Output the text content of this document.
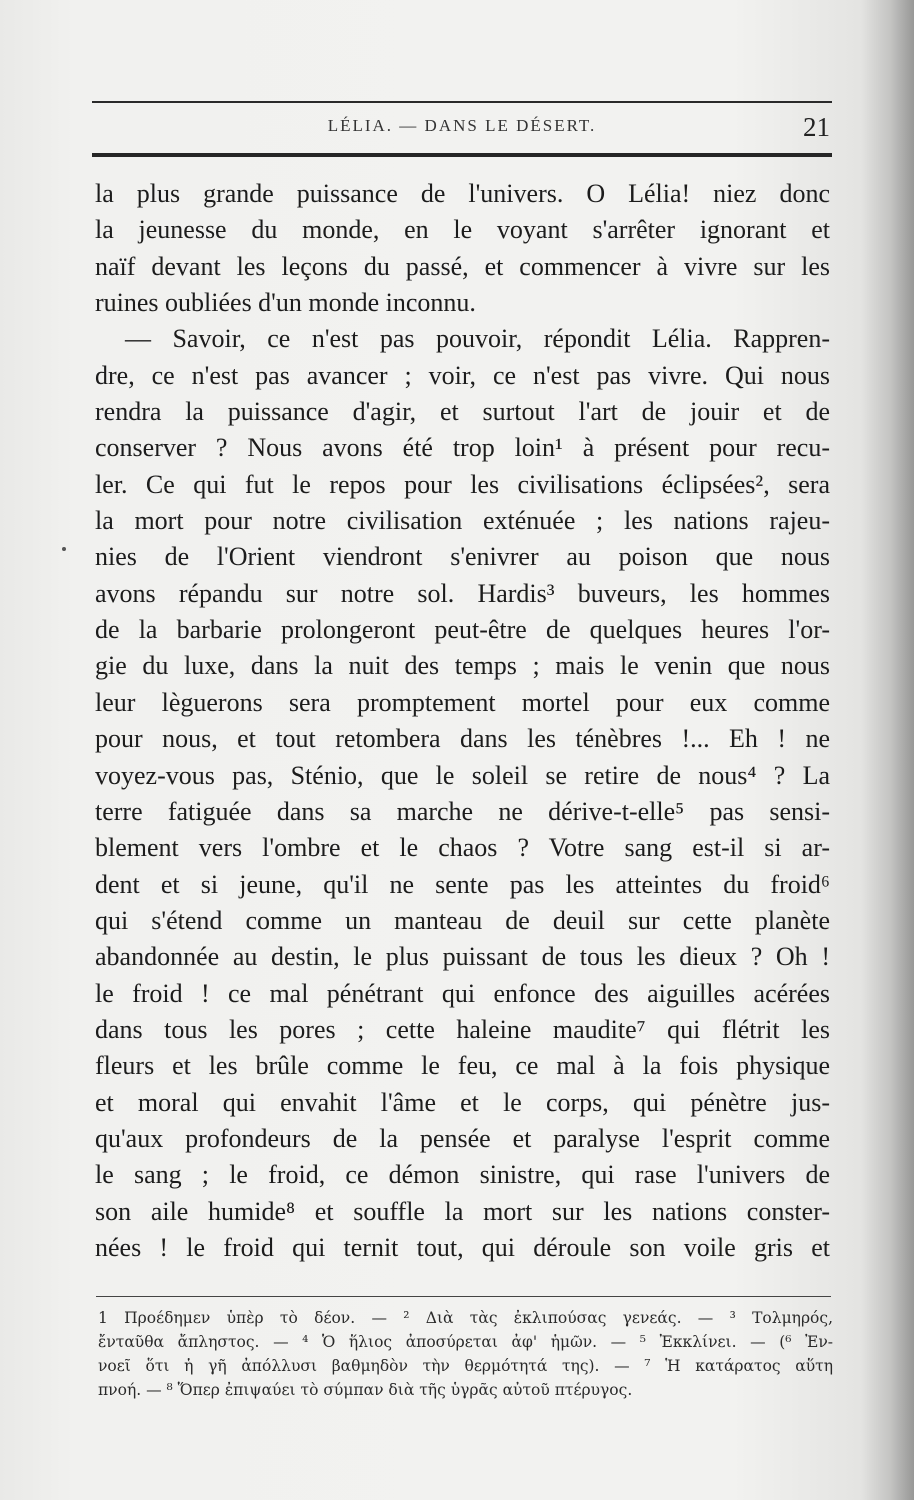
LÉLIA. — DANS LE DÉSERT.	21
la plus grande puissance de l'univers. O Lélia! niez donc
la jeunesse du monde, en le voyant s'arrêter ignorant et
naïf devant les leçons du passé, et commencer à vivre sur les
ruines oubliées d'un monde inconnu.
— Savoir, ce n'est pas pouvoir, répondit Lélia. Rappren-
dre, ce n'est pas avancer ; voir, ce n'est pas vivre. Qui nous
rendra la puissance d'agir, et surtout l'art de jouir et de
conserver ? Nous avons été trop loin¹ à présent pour recu-
ler. Ce qui fut le repos pour les civilisations éclipsées², sera
la mort pour notre civilisation exténuée ; les nations rajeu-
nies de l'Orient viendront s'enivrer au poison que nous
avons répandu sur notre sol. Hardis³ buveurs, les hommes
de la barbarie prolongeront peut-être de quelques heures l'or-
gie du luxe, dans la nuit des temps ; mais le venin que nous
leur lèguerons sera promptement mortel pour eux comme
pour nous, et tout retombera dans les ténèbres !... Eh ! ne
voyez-vous pas, Sténio, que le soleil se retire de nous⁴ ? La
terre fatiguée dans sa marche ne dérive-t-elle⁵ pas sensi-
blement vers l'ombre et le chaos ? Votre sang est-il si ar-
dent et si jeune, qu'il ne sente pas les atteintes du froid⁶
qui s'étend comme un manteau de deuil sur cette planète
abandonnée au destin, le plus puissant de tous les dieux ? Oh !
le froid ! ce mal pénétrant qui enfonce des aiguilles acérées
dans tous les pores ; cette haleine maudite⁷ qui flétrit les
fleurs et les brûle comme le feu, ce mal à la fois physique
et moral qui envahit l'âme et le corps, qui pénètre jus-
qu'aux profondeurs de la pensée et paralyse l'esprit comme
le sang ; le froid, ce démon sinistre, qui rase l'univers de
son aile humide⁸ et souffle la mort sur les nations conster-
nées ! le froid qui ternit tout, qui déroule son voile gris et
1 Προέδημεν ὑπὲρ τὸ δέον. — ² Διὰ τὰς ἐκλιπούσας γενεάς. — ³ Τολμηρός,
ἔνταῦθα ἄπληστος. — ⁴ Ὁ ἥλιος ἀποσύρεται ἀφ' ἡμῶν. — ⁵ Ἐκκλίνει. — (⁶ Ἐν-
νοεῖ ὅτι ἡ γῆ ἀπόλλυσι βαθμηδὸν τὴν θερμότητά της). — ⁷ Ἡ κατάρατος αὕτη
πνοή. — ⁸ Ὅπερ ἐπιψαύει τὸ σύμπαν διὰ τῆς ὑγρᾶς αὐτοῦ πτέρυγος.
